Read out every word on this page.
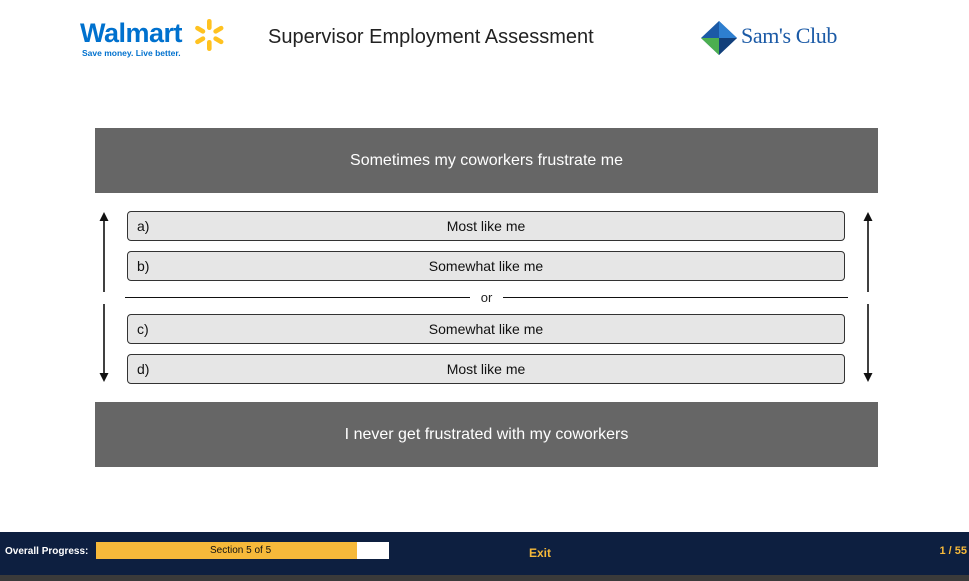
Walmart
Save money. Live better.
Supervisor Employment Assessment	Sam's Club
Sometimes my coworkers frustrate me
a)	Most like me
b)	Somewhat like me
or
c)	Somewhat like me
d)	Most like me
I never get frustrated with my coworkers
Overall Progress:	Section 5 of 5	Exit	1 / 55
